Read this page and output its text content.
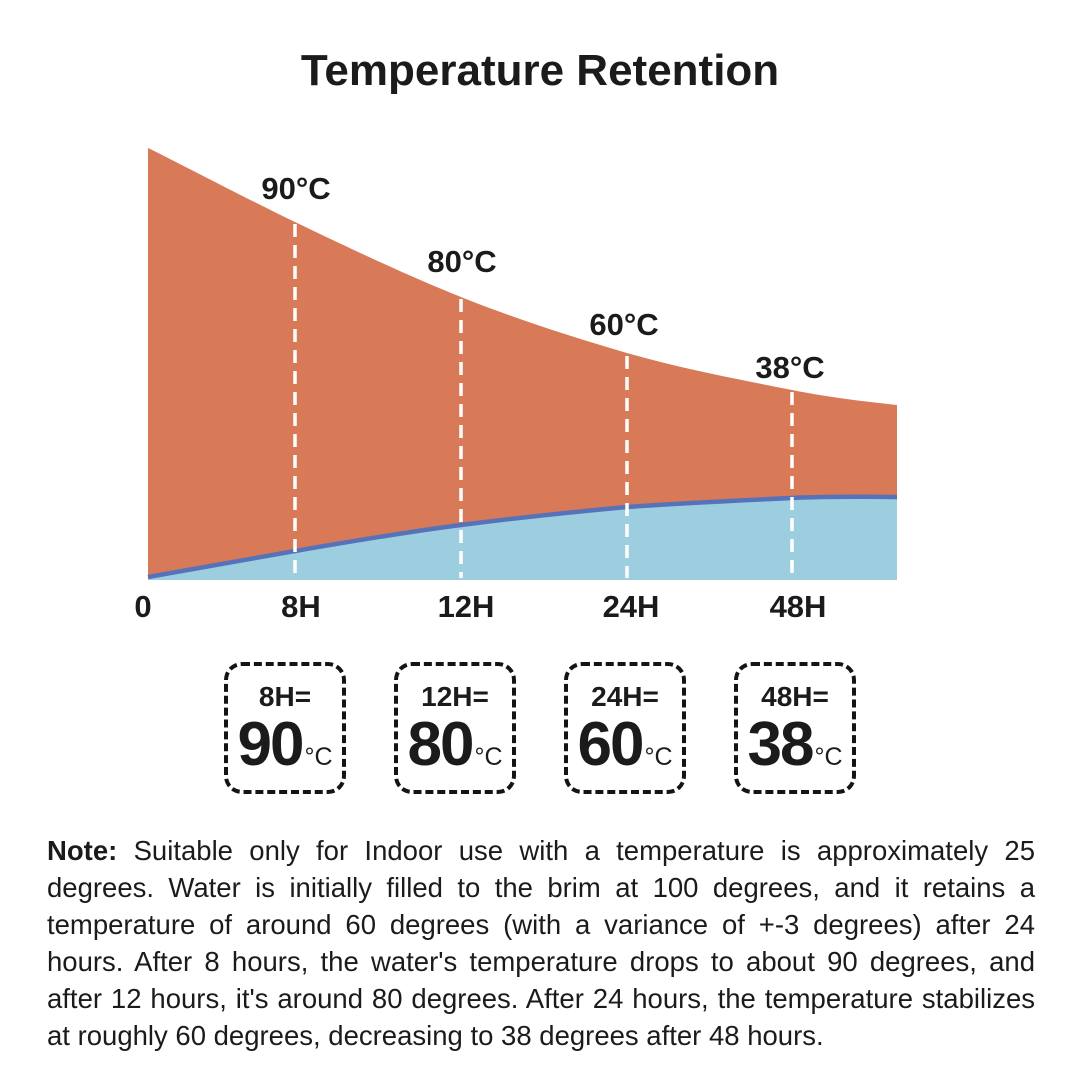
Temperature Retention
90°C
80°C
60°C
38°C
0	8H	12H	24H	48H
8H=
90 °C
12H=
80 °C
24H=
60 °C
48H=
38 °C

Note: Suitable only for Indoor use with a temperature is approximately 25 degrees. Water is initially filled to the brim at 100 degrees, and it retains a temperature of around 60 degrees (with a variance of +-3 degrees) after 24 hours. After 8 hours, the water's temperature drops to about 90 degrees, and after 12 hours, it's around 80 degrees. After 24 hours, the temperature stabilizes at roughly 60 degrees, decreasing to 38 degrees after 48 hours.
